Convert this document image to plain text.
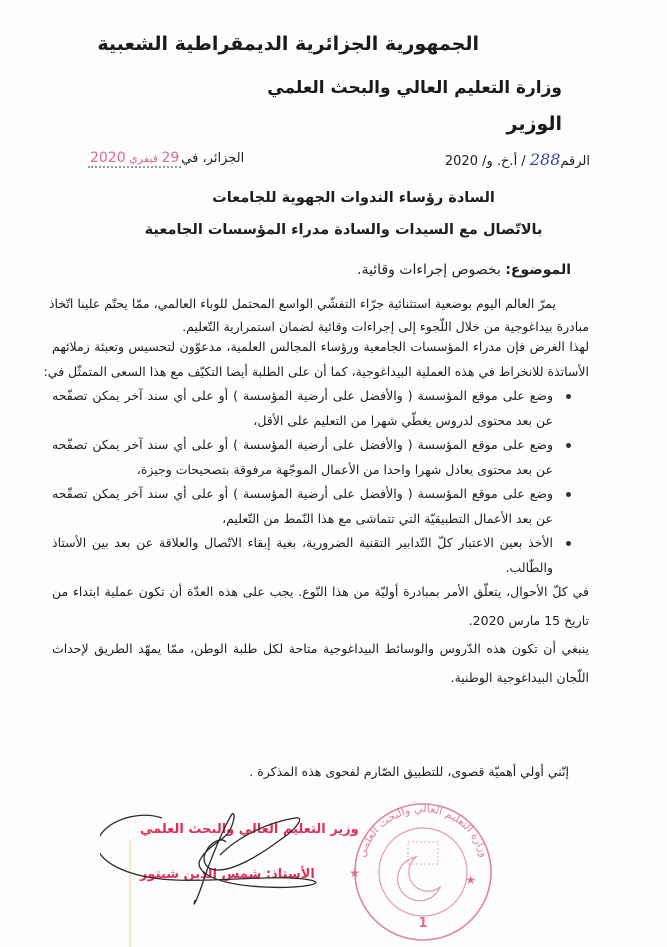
الجمهورية الجزائرية الديمقراطية الشعبية
وزارة التعليم العالي والبحث العلمي
الوزير
الرقم288 / أ.خ. و/ 2020
الجزائر، في29 فيفري 2020
السادة رؤساء الندوات الجهوية للجامعات
بالاتّصال مع السيدات والسادة مدراء المؤسسات الجامعية
الموضوع: بخصوص إجراءات وقائية.
يمرّ العالم اليوم بوضعية استثنائية جرّاء التفشّي الواسع المحتمل للوباء العالمي، ممّا يحتّم علينا اتّخاذ
مبادرة بيداغوجية من خلال اللّجوء إلى إجراءات وقائية لضمان استمرارية التّعليم.
لهذا الغرض فإن مدراء المؤسسات الجامعية ورؤساء المجالس العلمية، مدعوّون لتحسيس وتعبئة زملائهم
الأساتذة للانخراط في هذه العملية البيداغوجية، كما أن على الطلبة أيضا التكيّف مع هذا السعى المتمثّل في:
وضع على موقع المؤسسة ( والأفضل على أرضية المؤسسة ) أو على أي سند آخر يمكن تصفّحه
عن بعد محتوى لدروس يغطّي شهرا من التعليم على الأقل،
وضع على موقع المؤسسة ( والأفضل على أرضية المؤسسة ) أو على أي سند آخر يمكن تصفّحه
عن بعد محتوى يعادل شهرا واحدا من الأعمال الموجّهة مرفوقة بتصحيحات وجيزة،
وضع على موقع المؤسسة ( والأفضل على أرضية المؤسسة ) أو على أي سند آخر يمكن تصفّحه
عن بعد الأعمال التطبيقيّة التي تتماشى مع هذا النّمط من التّعليم،
الأخذ بعين الاعتبار كلّ التّدابير التقنية الضرورية، بغية إبقاء الاتّصال والعلاقة عن بعد بين الأستاذ
والطّالب.
في كلّ الأحوال، يتعلّق الأمر بمبادرة أوليّة من هذا النّوع. يجب على هذه العدّة أن تكون عملية ابتداء من
تاريخ 15 مارس 2020.
ينبغي أن تكون هذه الدّروس والوسائط البيداغوجية متاحة لكل طلبة الوطن، ممّا يمهّد الطريق لإحداث
اللّجان البيداغوجية الوطنية.
إنّني أولي أهميّة قصوى، للتطبيق الصّارم لفحوى هذه المذكرة .
وزير التعليم العالي والبحث العلمي
الأستاذ: شمس الدين شيتور
وزارة التعليم العالي والبحث العلمي
★	★
1
